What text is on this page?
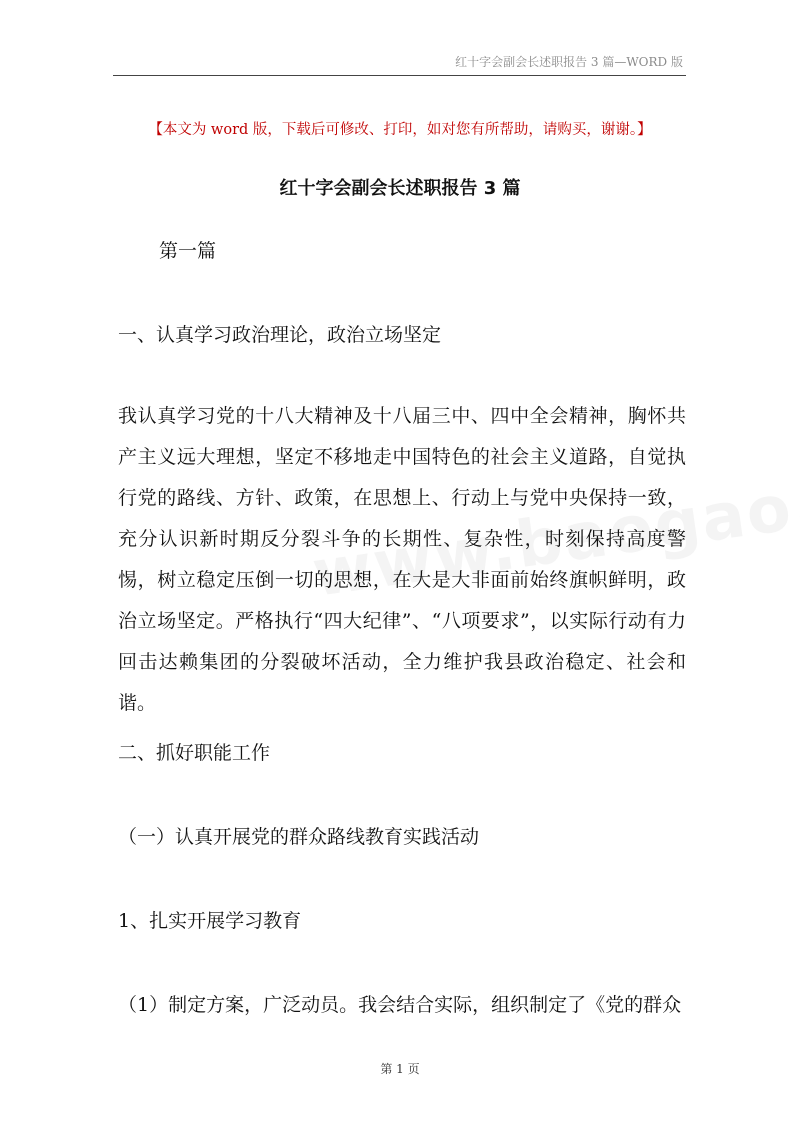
红十字会副会长述职报告 3 篇—WORD 版
【本文为 word 版，下载后可修改、打印，如对您有所帮助，请购买，谢谢。】
红十字会副会长述职报告 3 篇
第一篇
一、认真学习政治理论，政治立场坚定
我认真学习党的十八大精神及十八届三中、四中全会精神，胸怀共产主义远大理想，坚定不移地走中国特色的社会主义道路，自觉执行党的路线、方针、政策，在思想上、行动上与党中央保持一致，充分认识新时期反分裂斗争的长期性、复杂性，时刻保持高度警惕，树立稳定压倒一切的思想，在大是大非面前始终旗帜鲜明，政治立场坚定。严格执行“四大纪律”、“八项要求”，以实际行动有力回击达赖集团的分裂破坏活动，全力维护我县政治稳定、社会和谐。
二、抓好职能工作
（一）认真开展党的群众路线教育实践活动
1、扎实开展学习教育
（1）制定方案，广泛动员。我会结合实际，组织制定了《党的群众
第 1 页
